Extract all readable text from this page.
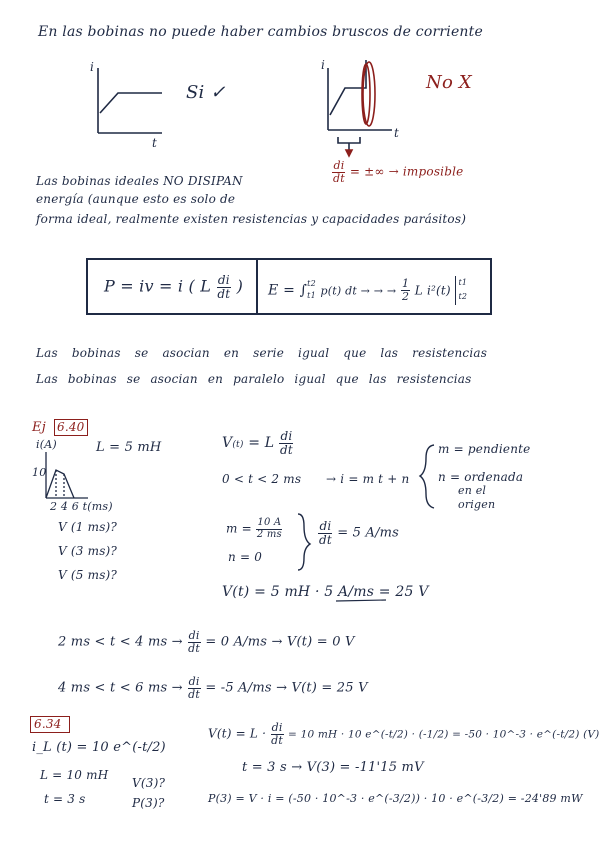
En las bobinas no puede haber cambios bruscos de corriente
i
t
Si ✓
i
t
No X
$\frac{di}{dt}$ = ±∞ → imposible
Las bobinas ideales NO DISIPAN
energía (aunque esto es solo de
forma ideal, realmente existen resistencias y capacidades parásitos)
P = iv = i ( L $\frac{di}{dt}$ ) E = ∫ t2
t1 p(t) dt → → → $\frac{1}{2}$ L i²(t)
t1
t2
Las bobinas se asocian en serie igual que las resistencias
Las bobinas se asocian en paralelo igual que las resistencias
Ej 6.40
i(A)
10
2 4 6 t(ms)
L = 5 mH
V (1 ms)?
V (3 ms)?
V (5 ms)?
V(t) = L $\frac{di}{dt}$
0 < t < 2 ms → i = m t + n
m = pendiente
n = ordenada
en el
origen
$m = \frac{10 A}{2 ms}$
n = 0
$\frac{di}{dt} = 5$ A/ms
V(t) = 5 mH · 5 A/ms = 25 V
2 ms < t < 4 ms → $\frac{di}{dt} = 0$ A/ms → V(t) = 0 V
4 ms < t < 6 ms → $\frac{di}{dt} = -5$ A/ms → V(t) = 25 V
6.34
i_L (t) = 10 e^(-t/2)
L = 10 mH
t = 3 s
V(3)?
P(3)?
$V(t) = L \cdot \frac{di}{dt} = 10$ mH · 10 e^(-t/2) · (-1/2) = -50 · 10^-3 · e^(-t/2) (V)
t = 3 s → V(3) = -11'15 mV
P(3) = V · i = (-50 · 10^-3 · e^(-3/2)) · 10 · e^(-3/2) = -24'89 mW
